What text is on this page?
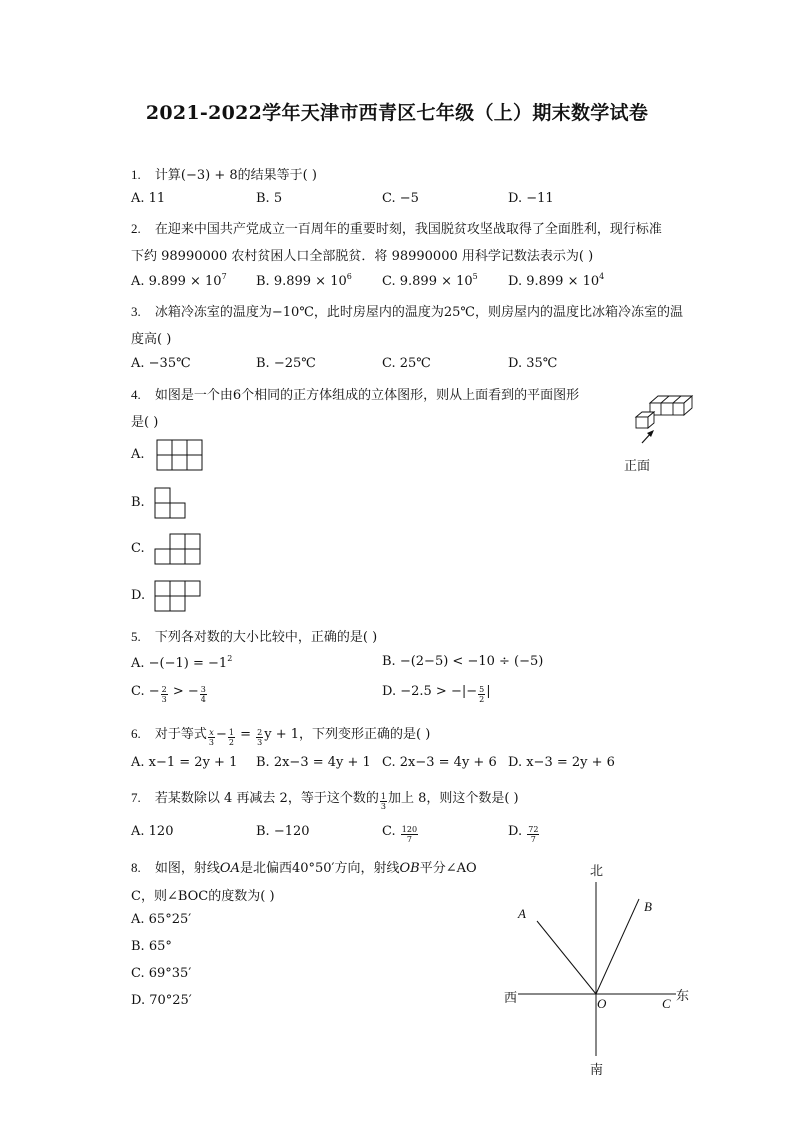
2021-2022学年天津市西青区七年级（上）期末数学试卷
1. 计算(−3) + 8的结果等于( )
A. 11	B. 5	C. −5	D. −11
2. 在迎来中国共产党成立一百周年的重要时刻，我国脱贫攻坚战取得了全面胜利，现行标准
下约 98990000 农村贫困人口全部脱贫．将 98990000 用科学记数法表示为( )
A. $9.899 \times 10^7$ B. $9.899 \times 10^6$ C. $9.899 \times 10^5$ D. $9.899 \times 10^4$
3. 冰箱冷冻室的温度为−10℃，此时房屋内的温度为25℃，则房屋内的温度比冰箱冷冻室的温
度高( )
A. −35℃	B. −25℃	C. 25℃	D. 35℃
4. 如图是一个由6个相同的正方体组成的立体图形，则从上面看到的平面图形
是( )
正面
A.
B.
C.
D.
5. 下列各对数的大小比较中，正确的是( )
A. $-(-1) = -1^2$	B. −(2−5) < −10 ÷ (−5)
C. − $\frac{2}{3}$ > − $\frac{3}{4}$	D. −2.5 > −|− $\frac{5}{2}$ |
6. 对于等式 $\frac{x}{3} - \frac{1}{2} = \frac{2}{3}$ y + 1，下列变形正确的是( )
A. x−1 = 2y + 1 B. 2x−3 = 4y + 1 C. 2x−3 = 4y + 6 D. x−3 = 2y + 6
7. 若某数除以 4 再减去 2，等于这个数的 $\frac{1}{3}$ 加上 8，则这个数是( )
A. 120	B. −120	C. $\frac{120}{7}$	D. $\frac{72}{7}$
8. 如图，射线OA是北偏西40°50′方向，射线OB平分∠AO
C，则∠BOC的度数为( )
A. 65°25′
B. 65°
C. 69°35′
D. 70°25′
北
南
西	东
A	B
O	C
